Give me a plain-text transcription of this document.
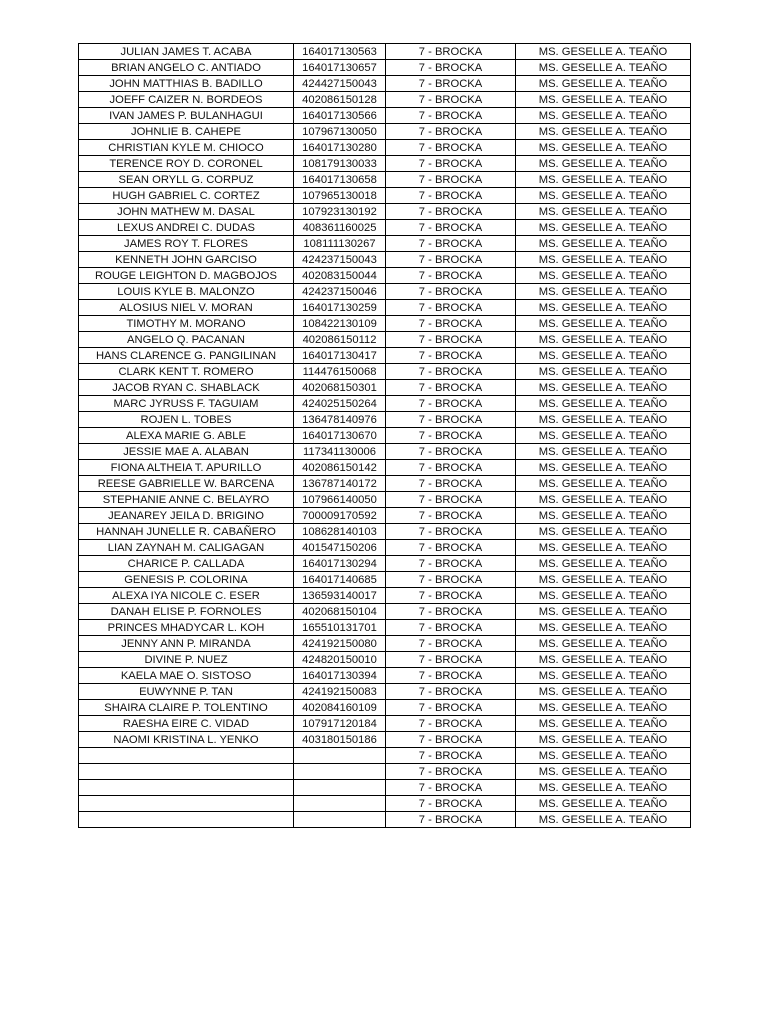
JULIAN JAMES T. ACABA	164017130563	7 - BROCKA	MS. GESELLE A. TEAÑO
BRIAN ANGELO C. ANTIADO	164017130657	7 - BROCKA	MS. GESELLE A. TEAÑO
JOHN MATTHIAS B. BADILLO	424427150043	7 - BROCKA	MS. GESELLE A. TEAÑO
JOEFF CAIZER N. BORDEOS	402086150128	7 - BROCKA	MS. GESELLE A. TEAÑO
IVAN JAMES P. BULANHAGUI	164017130566	7 - BROCKA	MS. GESELLE A. TEAÑO
JOHNLIE B. CAHEPE	107967130050	7 - BROCKA	MS. GESELLE A. TEAÑO
CHRISTIAN KYLE M. CHIOCO	164017130280	7 - BROCKA	MS. GESELLE A. TEAÑO
TERENCE ROY D. CORONEL	108179130033	7 - BROCKA	MS. GESELLE A. TEAÑO
SEAN ORYLL G. CORPUZ	164017130658	7 - BROCKA	MS. GESELLE A. TEAÑO
HUGH GABRIEL C. CORTEZ	107965130018	7 - BROCKA	MS. GESELLE A. TEAÑO
JOHN MATHEW M. DASAL	107923130192	7 - BROCKA	MS. GESELLE A. TEAÑO
LEXUS ANDREI C. DUDAS	408361160025	7 - BROCKA	MS. GESELLE A. TEAÑO
JAMES ROY T. FLORES	108111130267	7 - BROCKA	MS. GESELLE A. TEAÑO
KENNETH JOHN GARCISO	424237150043	7 - BROCKA	MS. GESELLE A. TEAÑO
ROUGE LEIGHTON D. MAGBOJOS	402083150044	7 - BROCKA	MS. GESELLE A. TEAÑO
LOUIS KYLE B. MALONZO	424237150046	7 - BROCKA	MS. GESELLE A. TEAÑO
ALOSIUS NIEL V. MORAN	164017130259	7 - BROCKA	MS. GESELLE A. TEAÑO
TIMOTHY M. MORANO	108422130109	7 - BROCKA	MS. GESELLE A. TEAÑO
ANGELO Q. PACANAN	402086150112	7 - BROCKA	MS. GESELLE A. TEAÑO
HANS CLARENCE G. PANGILINAN	164017130417	7 - BROCKA	MS. GESELLE A. TEAÑO
CLARK KENT T. ROMERO	114476150068	7 - BROCKA	MS. GESELLE A. TEAÑO
JACOB RYAN C. SHABLACK	402068150301	7 - BROCKA	MS. GESELLE A. TEAÑO
MARC JYRUSS F. TAGUIAM	424025150264	7 - BROCKA	MS. GESELLE A. TEAÑO
ROJEN L. TOBES	136478140976	7 - BROCKA	MS. GESELLE A. TEAÑO
ALEXA MARIE G. ABLE	164017130670	7 - BROCKA	MS. GESELLE A. TEAÑO
JESSIE MAE A. ALABAN	117341130006	7 - BROCKA	MS. GESELLE A. TEAÑO
FIONA ALTHEIA T. APURILLO	402086150142	7 - BROCKA	MS. GESELLE A. TEAÑO
REESE GABRIELLE W. BARCENA	136787140172	7 - BROCKA	MS. GESELLE A. TEAÑO
STEPHANIE ANNE C. BELAYRO	107966140050	7 - BROCKA	MS. GESELLE A. TEAÑO
JEANAREY JEILA D. BRIGINO	700009170592	7 - BROCKA	MS. GESELLE A. TEAÑO
HANNAH JUNELLE R. CABAÑERO	108628140103	7 - BROCKA	MS. GESELLE A. TEAÑO
LIAN ZAYNAH M. CALIGAGAN	401547150206	7 - BROCKA	MS. GESELLE A. TEAÑO
CHARICE P. CALLADA	164017130294	7 - BROCKA	MS. GESELLE A. TEAÑO
GENESIS P. COLORINA	164017140685	7 - BROCKA	MS. GESELLE A. TEAÑO
ALEXA IYA NICOLE C. ESER	136593140017	7 - BROCKA	MS. GESELLE A. TEAÑO
DANAH ELISE P. FORNOLES	402068150104	7 - BROCKA	MS. GESELLE A. TEAÑO
PRINCES MHADYCAR L. KOH	165510131701	7 - BROCKA	MS. GESELLE A. TEAÑO
JENNY ANN P. MIRANDA	424192150080	7 - BROCKA	MS. GESELLE A. TEAÑO
DIVINE P. NUEZ	424820150010	7 - BROCKA	MS. GESELLE A. TEAÑO
KAELA MAE O. SISTOSO	164017130394	7 - BROCKA	MS. GESELLE A. TEAÑO
EUWYNNE P. TAN	424192150083	7 - BROCKA	MS. GESELLE A. TEAÑO
SHAIRA CLAIRE P. TOLENTINO	402084160109	7 - BROCKA	MS. GESELLE A. TEAÑO
RAESHA EIRE C. VIDAD	107917120184	7 - BROCKA	MS. GESELLE A. TEAÑO
NAOMI KRISTINA L. YENKO	403180150186	7 - BROCKA	MS. GESELLE A. TEAÑO
		7 - BROCKA	MS. GESELLE A. TEAÑO
		7 - BROCKA	MS. GESELLE A. TEAÑO
		7 - BROCKA	MS. GESELLE A. TEAÑO
		7 - BROCKA	MS. GESELLE A. TEAÑO
		7 - BROCKA	MS. GESELLE A. TEAÑO
